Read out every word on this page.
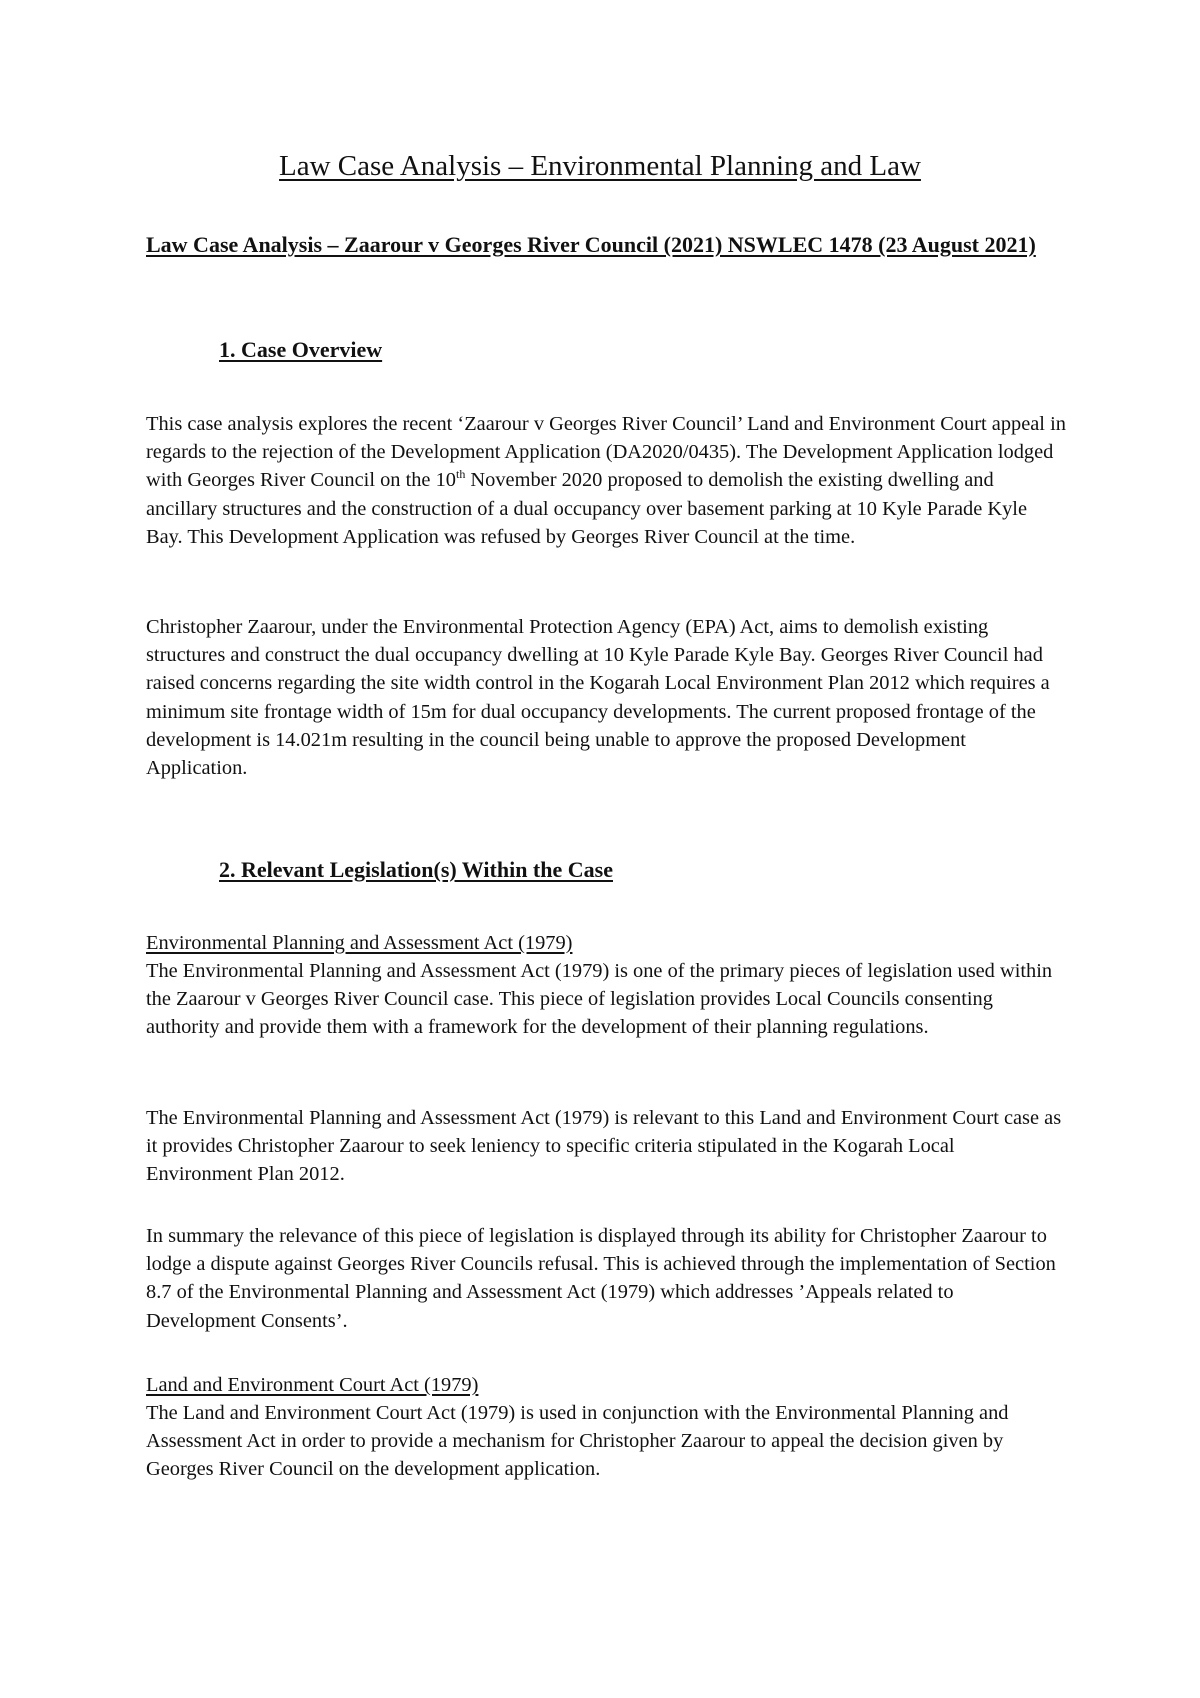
Law Case Analysis – Environmental Planning and Law
Law Case Analysis – Zaarour v Georges River Council (2021) NSWLEC 1478 (23 August 2021)
1. Case Overview

This case analysis explores the recent ‘Zaarour v Georges River Council’ Land and Environment Court appeal in regards to the rejection of the Development Application (DA2020/0435). The Development Application lodged with Georges River Council on the 10th November 2020 proposed to demolish the existing dwelling and ancillary structures and the construction of a dual occupancy over basement parking at 10 Kyle Parade Kyle Bay. This Development Application was refused by Georges River Council at the time.

Christopher Zaarour, under the Environmental Protection Agency (EPA) Act, aims to demolish existing structures and construct the dual occupancy dwelling at 10 Kyle Parade Kyle Bay. Georges River Council had raised concerns regarding the site width control in the Kogarah Local Environment Plan 2012 which requires a minimum site frontage width of 15m for dual occupancy developments. The current proposed frontage of the development is 14.021m resulting in the council being unable to approve the proposed Development Application.

2. Relevant Legislation(s) Within the Case

Environmental Planning and Assessment Act (1979)

The Environmental Planning and Assessment Act (1979) is one of the primary pieces of legislation used within the Zaarour v Georges River Council case. This piece of legislation provides Local Councils consenting authority and provide them with a framework for the development of their planning regulations.

The Environmental Planning and Assessment Act (1979) is relevant to this Land and Environment Court case as it provides Christopher Zaarour to seek leniency to specific criteria stipulated in the Kogarah Local Environment Plan 2012.

In summary the relevance of this piece of legislation is displayed through its ability for Christopher Zaarour to lodge a dispute against Georges River Councils refusal. This is achieved through the implementation of Section 8.7 of the Environmental Planning and Assessment Act (1979) which addresses ’Appeals related to Development Consents’.

Land and Environment Court Act (1979)

The Land and Environment Court Act (1979) is used in conjunction with the Environmental Planning and Assessment Act in order to provide a mechanism for Christopher Zaarour to appeal the decision given by Georges River Council on the development application.
